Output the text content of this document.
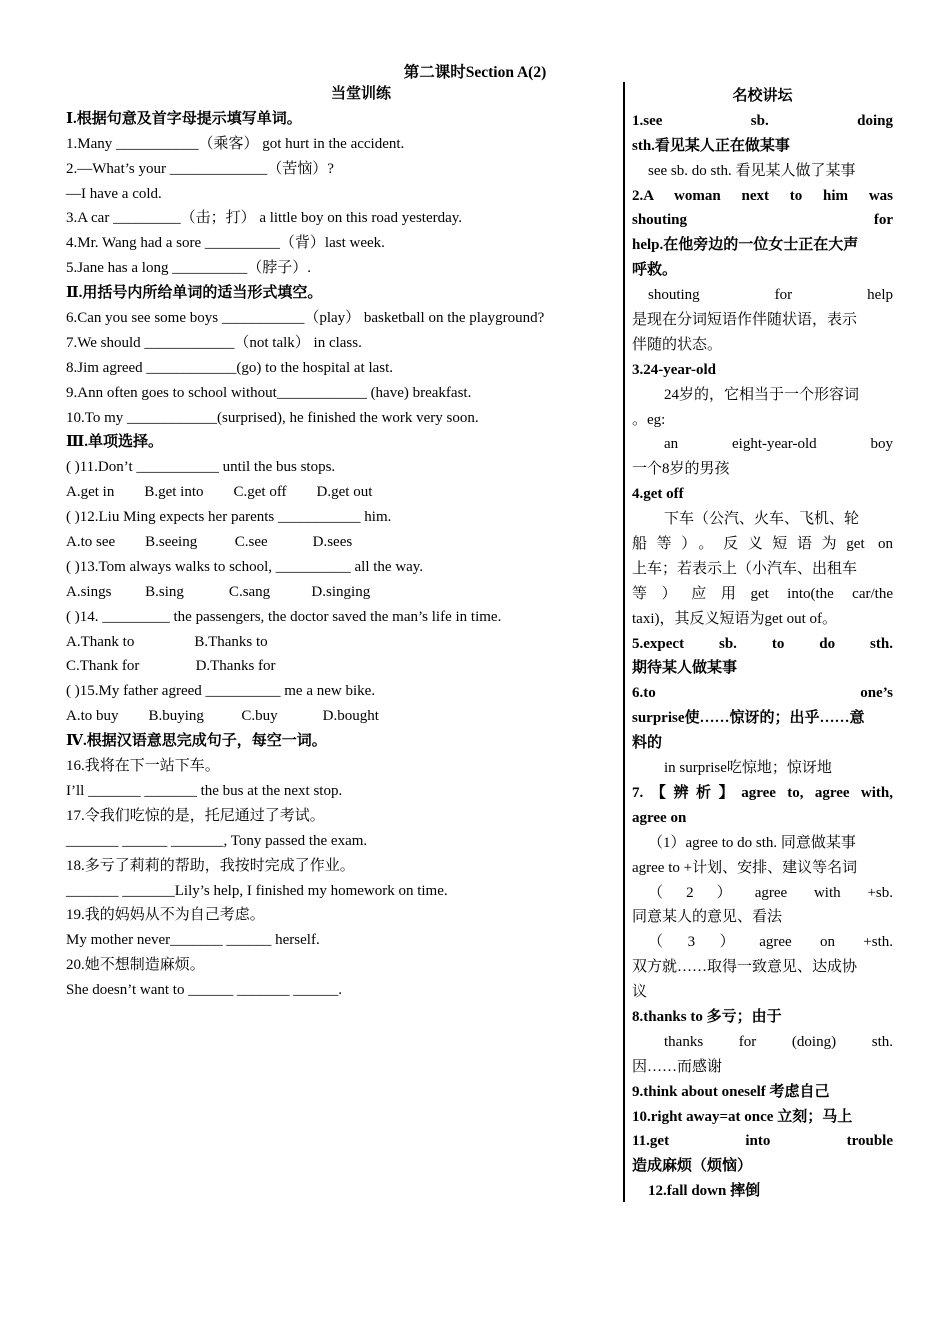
第二课时Section A(2)
当堂训练
Ⅰ.根据句意及首字母提示填写单词。
1.Many ___________（乘客） got hurt in the accident.
2.—What’s your _____________（苦恼）?
—I have a cold.
3.A car _________（击；打） a little boy on this road yesterday.
4.Mr. Wang had a sore __________（背）last week.
5.Jane has a long __________（脖子）.
Ⅱ.用括号内所给单词的适当形式填空。
6.Can you see some boys ___________（play） basketball on the playground?
7.We should ____________（not talk） in class.
8.Jim agreed ____________(go) to the hospital at last.
9.Ann often goes to school without____________ (have) breakfast.
10.To my ____________(surprised), he finished the work very soon.
Ⅲ.单项选择。
( )11.Don’t ___________ until the bus stops.
A.get in        B.get into        C.get off        D.get out
( )12.Liu Ming expects her parents ___________ him.
A.to see        B.seeing          C.see            D.sees
( )13.Tom always walks to school, __________ all the way.
A.sings         B.sing            C.sang           D.singing
( )14. _________ the passengers, the doctor saved the man’s life in time.
A.Thank to                B.Thanks to
C.Thank for               D.Thanks for
( )15.My father agreed __________ me a new bike.
A.to buy        B.buying          C.buy            D.bought
Ⅳ.根据汉语意思完成句子，每空一词。
16.我将在下一站下车。
I’ll _______ _______ the bus at the next stop.
17.令我们吃惊的是，托尼通过了考试。
_______ ______ _______, Tony passed the exam.
18.多亏了莉莉的帮助，我按时完成了作业。
_______ _______Lily’s help, I finished my homework on time.
19.我的妈妈从不为自己考虑。
My mother never_______ ______ herself.
20.她不想制造麻烦。
She doesn’t want to ______ _______ ______.
名校讲坛
1.see sb. doing
sth.看见某人正在做某事
see sb. do sth. 看见某人做了某事
2.A woman next to him was
shouting for
help.在他旁边的一位女士正在大声
呼救。
shouting for help
是现在分词短语作伴随状语，表示
伴随的状态。
3.24-year-old
24岁的，它相当于一个形容词
。eg:
an eight-year-old boy
一个8岁的男孩
4.get off
下车（公汽、火车、飞机、轮
船等）。反义短语为get on
上车；若表示上（小汽车、出租车
等）应用get into(the car/the
taxi)，其反义短语为get out of。
5.expect sb. to do sth.
期待某人做某事
6.to one’s
surprise使……惊讶的；出乎……意
料的
in surprise吃惊地；惊讶地
7.【辨析】agree to, agree with,
agree on
（1）agree to do sth. 同意做某事
agree to +计划、安排、建议等名词
（2）agree with +sb.
同意某人的意见、看法
（3）agree on +sth.
双方就……取得一致意见、达成协
议
8.thanks to 多亏；由于
thanks for (doing) sth.
因……而感谢
9.think about oneself 考虑自己
10.right away=at once 立刻；马上
11.get into trouble
造成麻烦（烦恼）
12.fall down 摔倒
